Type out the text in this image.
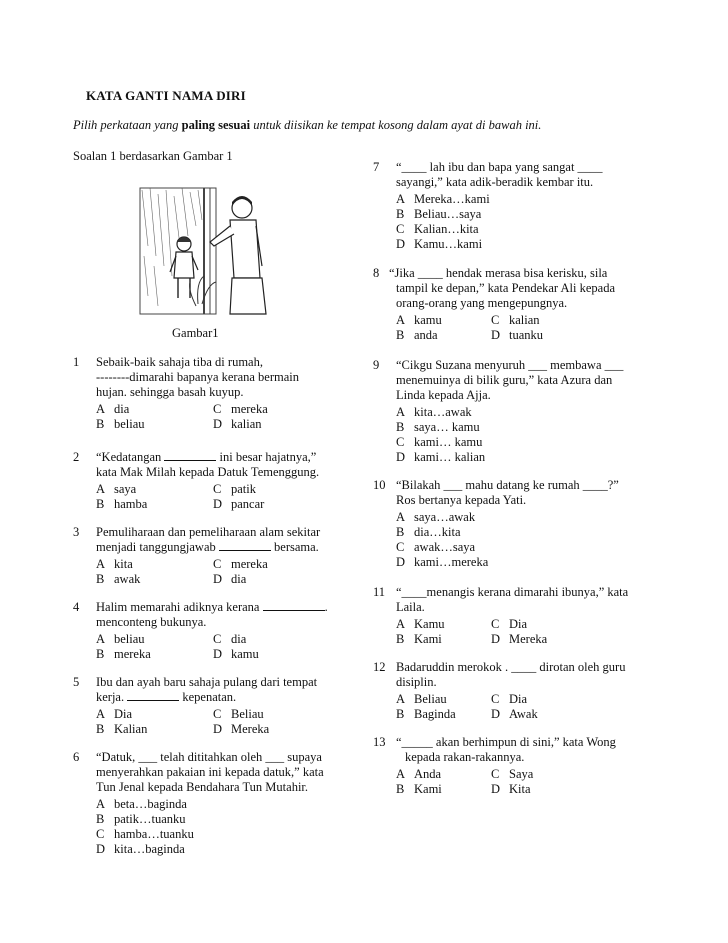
KATA GANTI NAMA DIRI
Pilih perkataan yang paling sesuai untuk diisikan ke tempat kosong dalam ayat di bawah ini.
Soalan 1 berdasarkan Gambar 1
Gambar1
1 Sebaik-baik sahaja tiba di rumah,
--------dimarahi bapanya kerana bermain
hujan. sehingga basah kuyup.
A dia	C mereka
B beliau	D kalian
2 “Kedatangan	ini besar hajatnya,”
kata Mak Milah kepada Datuk Temenggung.
A saya	C patik
B hamba	D pancar
3 Pemuliharaan dan pemeliharaan alam sekitar
menjadi tanggungjawab	bersama.
A kita	C mereka
B awak	D dia
4 Halim memarahi adiknya kerana	.
menconteng bukunya.
A beliau	C dia
B mereka	D kamu
5 Ibu dan ayah baru sahaja pulang dari tempat
kerja.	kepenatan.
A Dia	C Beliau
B Kalian	D Mereka
6 “Datuk, ___ telah dititahkan oleh ___ supaya
menyerahkan pakaian ini kepada datuk,” kata
Tun Jenal kepada Bendahara Tun Mutahir.
A beta…baginda
B patik…tuanku
C hamba…tuanku
D kita…baginda
7 “____ lah ibu dan bapa yang sangat ____
sayangi,” kata adik-beradik kembar itu.
A Mereka…kami
B Beliau…saya
C Kalian…kita
D Kamu…kami
8 “Jika ____ hendak merasa bisa kerisku, sila
tampil ke depan,” kata Pendekar Ali kepada
orang-orang yang mengepungnya.
A kamu	C kalian
B anda	D tuanku
9 “Cikgu Suzana menyuruh ___ membawa ___
menemuinya di bilik guru,” kata Azura dan
Linda kepada Ajja.
A kita…awak
B saya… kamu
C kami… kamu
D kami… kalian
10 “Bilakah ___ mahu datang ke rumah ____?”
Ros bertanya kepada Yati.
A saya…awak
B dia…kita
C awak…saya
D kami…mereka
11 “____menangis kerana dimarahi ibunya,” kata
Laila.
A Kamu	C Dia
B Kami	D Mereka
12 Badaruddin merokok . ____ dirotan oleh guru
disiplin.
A Beliau	C Dia
B Baginda	D Awak
13 “_____ akan berhimpun di sini,” kata Wong
kepada rakan-rakannya.
A Anda	C Saya
B Kami	D Kita
